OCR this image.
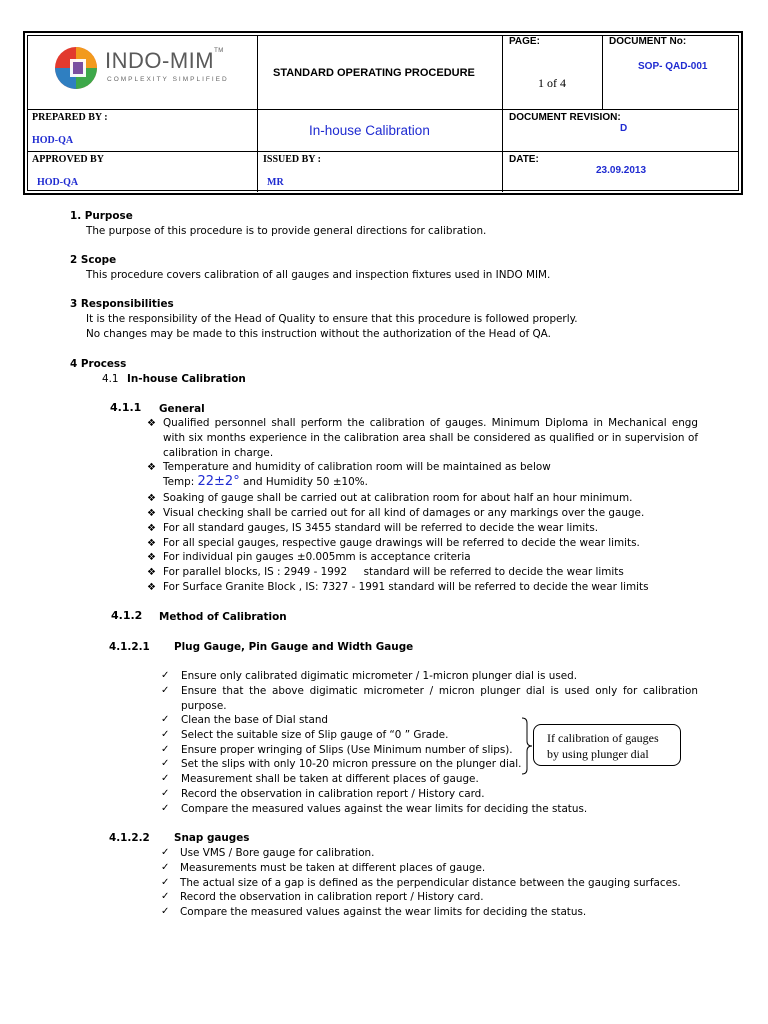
INDO-MIM™
COMPLEXITY SIMPLIFIED
STANDARD OPERATING PROCEDURE
PAGE:
1 of 4
DOCUMENT No:
SOP- QAD-001
PREPARED BY :
HOD-QA
In-house Calibration
DOCUMENT REVISION:
D
APPROVED BY
HOD-QA
ISSUED BY :
MR
DATE:
23.09.2013
1. Purpose
The purpose of this procedure is to provide general directions for calibration.
2 Scope
This procedure covers calibration of all gauges and inspection fixtures used in INDO MIM.
3 Responsibilities
It is the responsibility of the Head of Quality to ensure that this procedure is followed properly.
No changes may be made to this instruction without the authorization of the Head of QA.
4 Process
4.1 In-house Calibration
4.1.1 General
❖ Qualified personnel shall perform the calibration of gauges. Minimum Diploma in Mechanical engg with six months experience in the calibration area shall be considered as qualified or in supervision of calibration in charge.
❖ Temperature and humidity of calibration room will be maintained as below
Temp: 22±2° and Humidity 50 ±10%.
❖ Soaking of gauge shall be carried out at calibration room for about half an hour minimum.
❖ Visual checking shall be carried out for all kind of damages or any markings over the gauge.
❖ For all standard gauges, IS 3455 standard will be referred to decide the wear limits.
❖ For all special gauges, respective gauge drawings will be referred to decide the wear limits.
❖ For individual pin gauges ±0.005mm is acceptance criteria
❖ For parallel blocks, IS : 2949 - 1992     standard will be referred to decide the wear limits
❖ For Surface Granite Block , IS: 7327 - 1991 standard will be referred to decide the wear limits
4.1.2 Method of Calibration
4.1.2.1 Plug Gauge, Pin Gauge and Width Gauge
✓ Ensure only calibrated digimatic micrometer / 1-micron plunger dial is used.
✓ Ensure that the above digimatic micrometer / micron plunger dial is used only for calibration purpose.
✓ Clean the base of Dial stand
✓ Select the suitable size of Slip gauge of “0 ” Grade.
✓ Ensure proper wringing of Slips (Use Minimum number of slips).
✓ Set the slips with only 10-20 micron pressure on the plunger dial.
✓ Measurement shall be taken at different places of gauge.
✓ Record the observation in calibration report / History card.
✓ Compare the measured values against the wear limits for deciding the status.
If calibration of gauges
by using plunger dial
4.1.2.2 Snap gauges
✓ Use VMS / Bore gauge for calibration.
✓ Measurements must be taken at different places of gauge.
✓ The actual size of a gap is defined as the perpendicular distance between the gauging surfaces.
✓ Record the observation in calibration report / History card.
✓ Compare the measured values against the wear limits for deciding the status.
